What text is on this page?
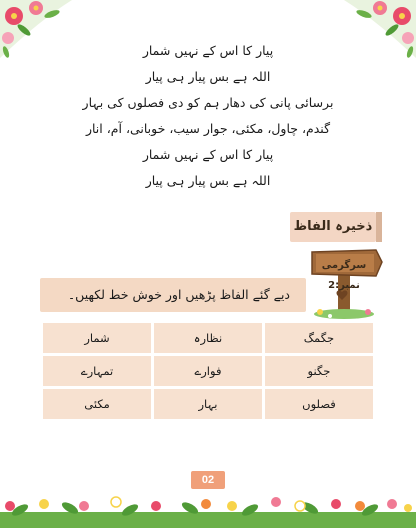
پیار کا اس کے نہیں شمار
اللہ ہے بس پیار ہی پیار
برسائی پانی کی دھار ہم کو دی فصلوں کی بہار
گندم، چاول، مکئی، جوار سیب، خوبانی، آم، انار
پیار کا اس کے نہیں شمار
اللہ ہے بس پیار ہی پیار
ذخیرہ الفاظ
سرگرمی نمبر:2
دیے گئے الفاظ پڑھیں اور خوش خط لکھیں۔
جگمگ	نظارہ	شمار
جگنو	فوارے	تمہارے
فصلوں	بہار	مکئی
02
